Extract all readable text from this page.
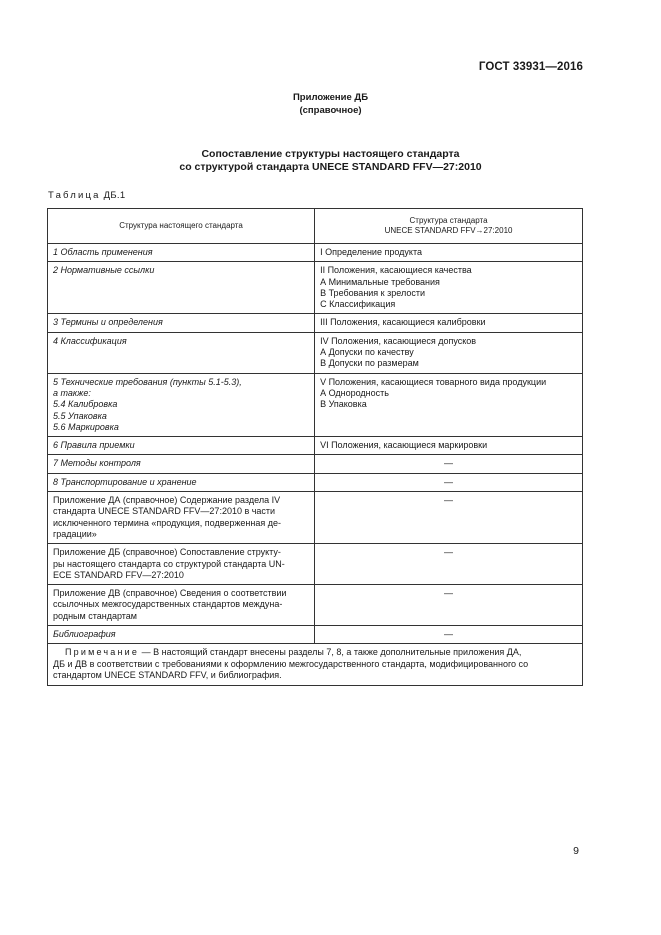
ГОСТ 33931—2016
Приложение ДБ
(справочное)
Сопоставление структуры настоящего стандарта
со структурой стандарта UNECE STANDARD FFV—27:2010
Таблица ДБ.1
Структура настоящего стандарта	Структура стандарта
UNECE STANDARD FFV→27:2010

1 Область применения	I Определение продукта

2 Нормативные ссылки	II Положения, касающиеся качества
А Минимальные требования
В Требования к зрелости
С Классификация

3 Термины и определения	III Положения, касающиеся калибровки

4 Классификация	IV Положения, касающиеся допусков
А Допуски по качеству
В Допуски по размерам

5 Технические требования (пункты 5.1-5.3),
а также:
5.4 Калибровка
5.5 Упаковка
5.6 Маркировка	V Положения, касающиеся товарного вида продукции
А Однородность
В Упаковка

6 Правила приемки	VI Положения, касающиеся маркировки

7 Методы контроля	—

8 Транспортирование и хранение	—

Приложение ДА (справочное) Содержание раздела IV
стандарта UNECE STANDARD FFV—27:2010 в части
исключенного термина «продукция, подверженная де-
градации»	—

Приложение ДБ (справочное) Сопоставление структу-
ры настоящего стандарта со структурой стандарта UN-
ECE STANDARD FFV—27:2010	—

Приложение ДВ (справочное) Сведения о соответствии
ссылочных межгосударственных стандартов междуна-
родным стандартам	—

Библиография	—

Примечание — В настоящий стандарт внесены разделы 7, 8, а также дополнительные приложения ДА,
ДБ и ДВ в соответствии с требованиями к оформлению межгосударственного стандарта, модифицированного со
стандартом UNECE STANDARD FFV, и библиография.	
9
